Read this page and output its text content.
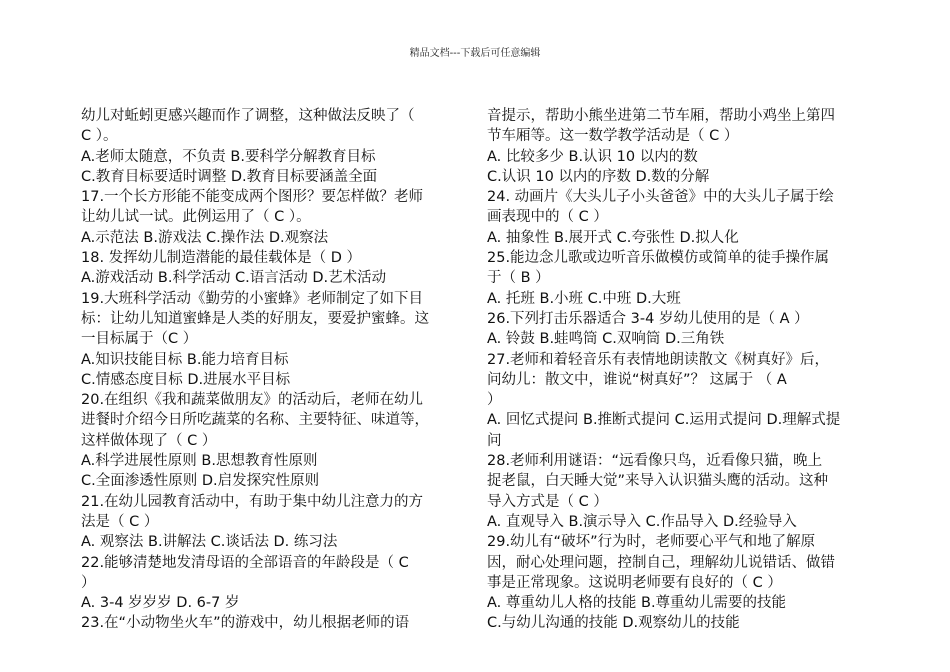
精品文档---下载后可任意编辑
幼儿对蚯蚓更感兴趣而作了调整，这种做法反映了（
C ）。
A.老师太随意，不负责 B.要科学分解教育目标
C.教育目标要适时调整 D.教育目标要涵盖全面
17.一个长方形能不能变成两个图形？要怎样做？老师
让幼儿试一试。此例运用了（ C ）。
A.示范法 B.游戏法 C.操作法 D.观察法
18. 发挥幼儿制造潜能的最佳载体是（ D ）
A.游戏活动 B.科学活动 C.语言活动 D.艺术活动
19.大班科学活动《勤劳的小蜜蜂》老师制定了如下目
标：让幼儿知道蜜蜂是人类的好朋友，要爱护蜜蜂。这
一目标属于（C ）
A.知识技能目标 B.能力培育目标
C.情感态度目标 D.进展水平目标
20.在组织《我和蔬菜做朋友》的活动后，老师在幼儿
进餐时介绍今日所吃蔬菜的名称、主要特征、味道等，
这样做体现了（ C ）
A.科学进展性原则 B.思想教育性原则
C.全面渗透性原则 D.启发探究性原则
21.在幼儿园教育活动中，有助于集中幼儿注意力的方
法是（ C ）
A. 观察法 B.讲解法 C.谈话法 D. 练习法
22.能够清楚地发清母语的全部语音的年龄段是（ C
）
A. 3-4 岁岁岁 D. 6-7 岁
23.在“小动物坐火车”的游戏中，幼儿根据老师的语
音提示，帮助小熊坐进第二节车厢，帮助小鸡坐上第四
节车厢等。这一数学教学活动是（ C ）
A. 比较多少 B.认识 10 以内的数
C.认识 10 以内的序数 D.数的分解
24. 动画片《大头儿子小头爸爸》中的大头儿子属于绘
画表现中的（ C ）
A. 抽象性 B.展开式 C.夸张性 D.拟人化
25.能边念儿歌或边听音乐做模仿或简单的徒手操作属
于（ B ）
A. 托班 B.小班 C.中班 D.大班
26.下列打击乐器适合 3-4 岁幼儿使用的是（ A ）
A. 铃鼓 B.蛙鸣筒 C.双响筒 D.三角铁
27.老师和着轻音乐有表情地朗读散文《树真好》后，
问幼儿：散文中，谁说“树真好”？ 这属于 （ A
）
A. 回忆式提问 B.推断式提问 C.运用式提问 D.理解式提
问
28.老师利用谜语：“远看像只鸟，近看像只猫，晚上
捉老鼠，白天睡大觉”来导入认识猫头鹰的活动。这种
导入方式是（ C ）
A. 直观导入 B.演示导入 C.作品导入 D.经验导入
29.幼儿有“破坏”行为时，老师要心平气和地了解原
因，耐心处理问题，控制自己，理解幼儿说错话、做错
事是正常现象。这说明老师要有良好的（ C ）
A. 尊重幼儿人格的技能 B.尊重幼儿需要的技能
C.与幼儿沟通的技能 D.观察幼儿的技能
